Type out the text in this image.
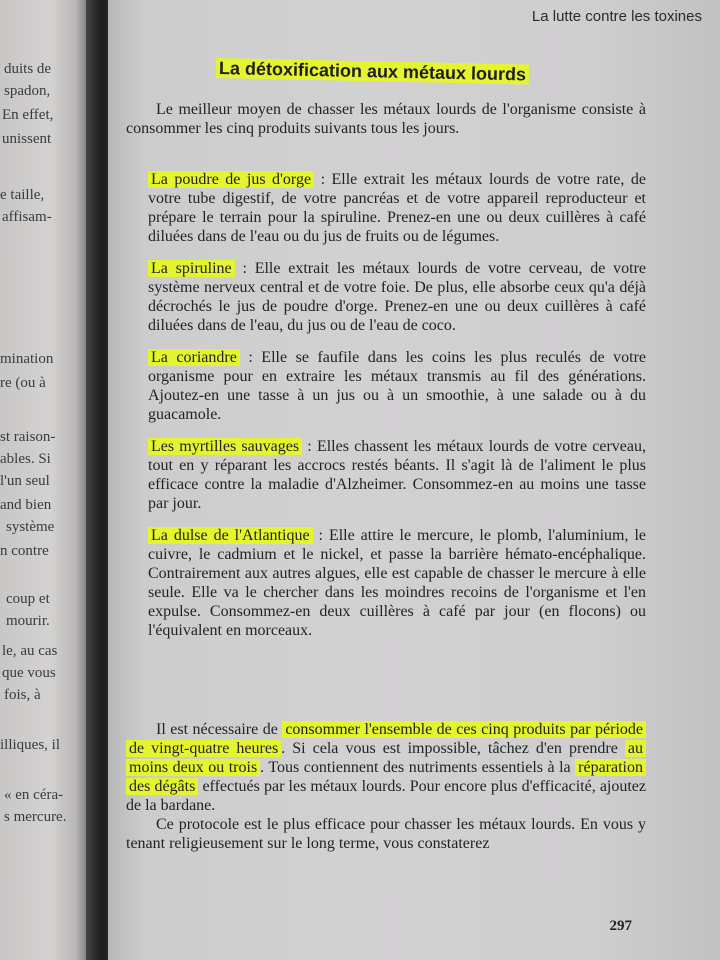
duits de
spadon,
En effet,
unissent
e taille,
affisam-
mination
re (ou à
st raison-
ables. Si
l'un seul
and bien
système
n contre
coup et
mourir.
le, au cas
que vous
fois, à
illiques, il
« en céra-
s mercure.
La lutte contre les toxines
La détoxification aux métaux lourds

Le meilleur moyen de chasser les métaux lourds de l'organisme consiste à consommer les cinq produits suivants tous les jours.

La poudre de jus d'orge : Elle extrait les métaux lourds de votre rate, de votre tube digestif, de votre pancréas et de votre appareil reproducteur et prépare le terrain pour la spiruline. Prenez-en une ou deux cuillères à café diluées dans de l'eau ou du jus de fruits ou de légumes.

La spiruline : Elle extrait les métaux lourds de votre cerveau, de votre système nerveux central et de votre foie. De plus, elle absorbe ceux qu'a déjà décrochés le jus de poudre d'orge. Prenez-en une ou deux cuillères à café diluées dans de l'eau, du jus ou de l'eau de coco.

La coriandre : Elle se faufile dans les coins les plus reculés de votre organisme pour en extraire les métaux transmis au fil des générations. Ajoutez-en une tasse à un jus ou à un smoothie, à une salade ou à du guacamole.

Les myrtilles sauvages : Elles chassent les métaux lourds de votre cerveau, tout en y réparant les accrocs restés béants. Il s'agit là de l'aliment le plus efficace contre la maladie d'Alzheimer. Consommez-en au moins une tasse par jour.

La dulse de l'Atlantique : Elle attire le mercure, le plomb, l'aluminium, le cuivre, le cadmium et le nickel, et passe la barrière hémato-encéphalique. Contrairement aux autres algues, elle est capable de chasser le mercure à elle seule. Elle va le chercher dans les moindres recoins de l'organisme et l'en expulse. Consommez-en deux cuillères à café par jour (en flocons) ou l'équivalent en morceaux.

Il est nécessaire de consommer l'ensemble de ces cinq produits par période de vingt-quatre heures . Si cela vous est impossible, tâchez d'en prendre au moins deux ou trois . Tous contiennent des nutriments essentiels à la réparation des dégâts effectués par les métaux lourds. Pour encore plus d'efficacité, ajoutez de la bardane.

Ce protocole est le plus efficace pour chasser les métaux lourds. En vous y tenant religieusement sur le long terme, vous constaterez

297
